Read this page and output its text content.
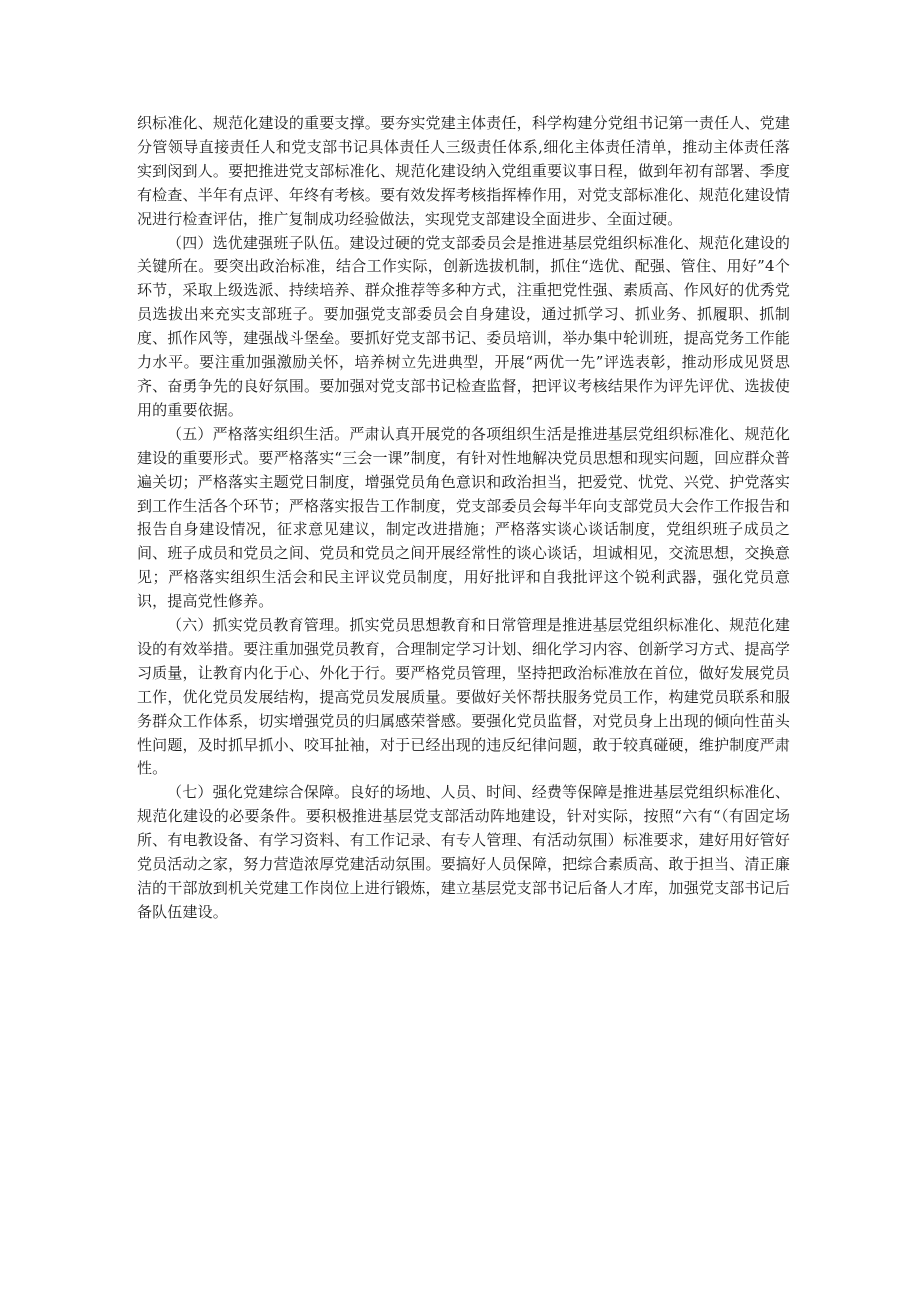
织标准化、规范化建设的重要支撑。要夯实党建主体责任，科学构建分党组书记第一责任人、党建分管领导直接责任人和党支部书记具体责任人三级责任体系,细化主体责任清单，推动主体责任落实到闵到人。要把推进党支部标准化、规范化建设纳入党组重要议事日程，做到年初有部署、季度有检查、半年有点评、年终有考核。要有效发挥考核指挥棒作用，对党支部标准化、规范化建设情况进行检查评估，推广复制成功经验做法，实现党支部建设全面进步、全面过硬。

（四）选优建强班子队伍。建设过硬的党支部委员会是推进基层党组织标准化、规范化建设的关键所在。要突出政治标准，结合工作实际，创新选拔机制，抓住“选优、配强、管住、用好”4个环节，采取上级选派、持续培养、群众推荐等多种方式，注重把党性强、素质高、作风好的优秀党员选拔出来充实支部班子。要加强党支部委员会自身建设，通过抓学习、抓业务、抓履职、抓制度、抓作风等，建强战斗堡垒。要抓好党支部书记、委员培训，举办集中轮训班，提高党务工作能力水平。要注重加强激励关怀，培养树立先进典型，开展“两优一先”评选表彰，推动形成见贤思齐、奋勇争先的良好氛围。要加强对党支部书记检查监督，把评议考核结果作为评先评优、选拔使用的重要依据。

（五）严格落实组织生活。严肃认真开展党的各项组织生活是推进基层党组织标准化、规范化建设的重要形式。要严格落实“三会一课”制度，有针对性地解决党员思想和现实问题，回应群众普遍关切；严格落实主题党日制度，增强党员角色意识和政治担当，把爱党、忧党、兴党、护党落实到工作生活各个环节；严格落实报告工作制度，党支部委员会每半年向支部党员大会作工作报告和报告自身建设情况，征求意见建议，制定改进措施；严格落实谈心谈话制度，党组织班子成员之间、班子成员和党员之间、党员和党员之间开展经常性的谈心谈话，坦诚相见，交流思想，交换意见；严格落实组织生活会和民主评议党员制度，用好批评和自我批评这个锐利武器，强化党员意识，提高党性修养。

（六）抓实党员教育管理。抓实党员思想教育和日常管理是推进基层党组织标准化、规范化建设的有效举措。要注重加强党员教育，合理制定学习计划、细化学习内容、创新学习方式、提高学习质量，让教育内化于心、外化于行。要严格党员管理，坚持把政治标准放在首位，做好发展党员工作，优化党员发展结构，提高党员发展质量。要做好关怀帮扶服务党员工作，构建党员联系和服务群众工作体系，切实增强党员的归属感荣誉感。要强化党员监督，对党员身上出现的倾向性苗头性问题，及时抓早抓小、咬耳扯袖，对于已经出现的违反纪律问题，敢于较真碰硬，维护制度严肃性。

（七）强化党建综合保障。良好的场地、人员、时间、经费等保障是推进基层党组织标准化、规范化建设的必要条件。要积极推进基层党支部活动阵地建设，针对实际，按照“六有“（有固定场所、有电教设备、有学习资料、有工作记录、有专人管理、有活动氛围）标准要求，建好用好管好党员活动之家，努力营造浓厚党建活动氛围。要搞好人员保障，把综合素质高、敢于担当、清正廉洁的干部放到机关党建工作岗位上进行锻炼，建立基层党支部书记后备人才库，加强党支部书记后备队伍建设。
